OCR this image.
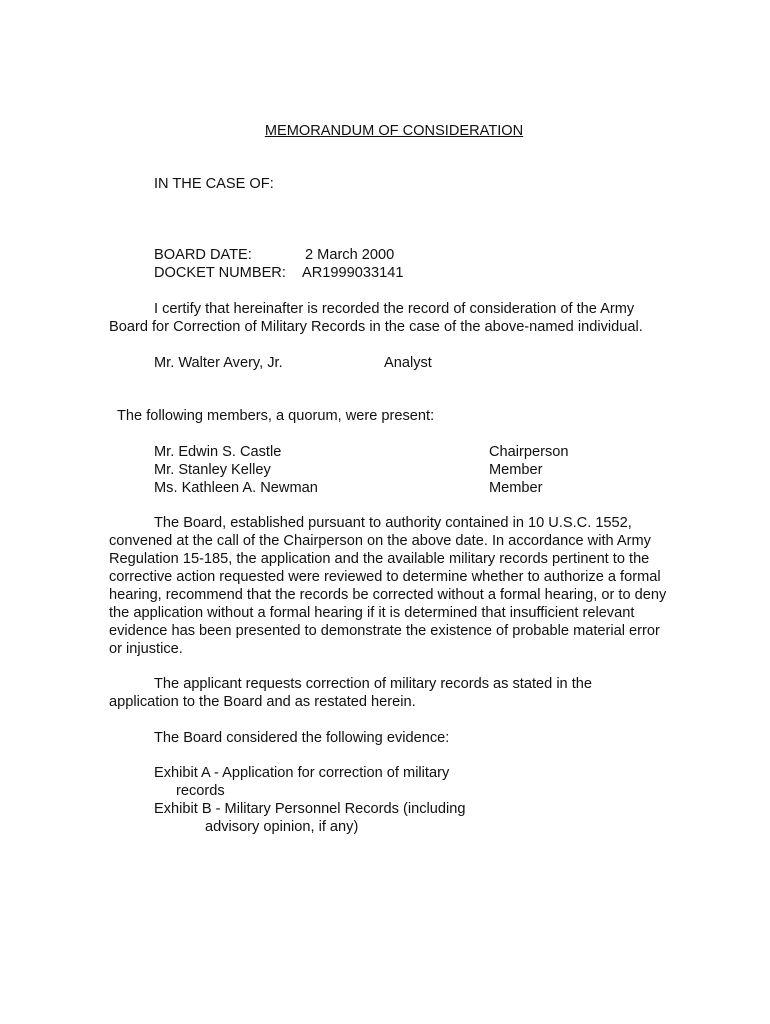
MEMORANDUM OF CONSIDERATION
IN THE CASE OF:
BOARD DATE:	2 March 2000
DOCKET NUMBER: AR1999033141
I certify that hereinafter is recorded the record of consideration of the Army Board for Correction of Military Records in the case of the above-named individual.
Mr. Walter Avery, Jr.	Analyst
The following members, a quorum, were present:
Mr. Edwin S. Castle	Chairperson
Mr. Stanley Kelley	Member
Ms. Kathleen A. Newman	Member
The Board, established pursuant to authority contained in 10 U.S.C. 1552, convened at the call of the Chairperson on the above date. In accordance with Army Regulation 15-185, the application and the available military records pertinent to the corrective action requested were reviewed to determine whether to authorize a formal hearing, recommend that the records be corrected without a formal hearing, or to deny the application without a formal hearing if it is determined that insufficient relevant evidence has been presented to demonstrate the existence of probable material error or injustice.
The applicant requests correction of military records as stated in the application to the Board and as restated herein.
The Board considered the following evidence:
Exhibit A - Application for correction of military
records
Exhibit B - Military Personnel Records (including
advisory opinion, if any)
